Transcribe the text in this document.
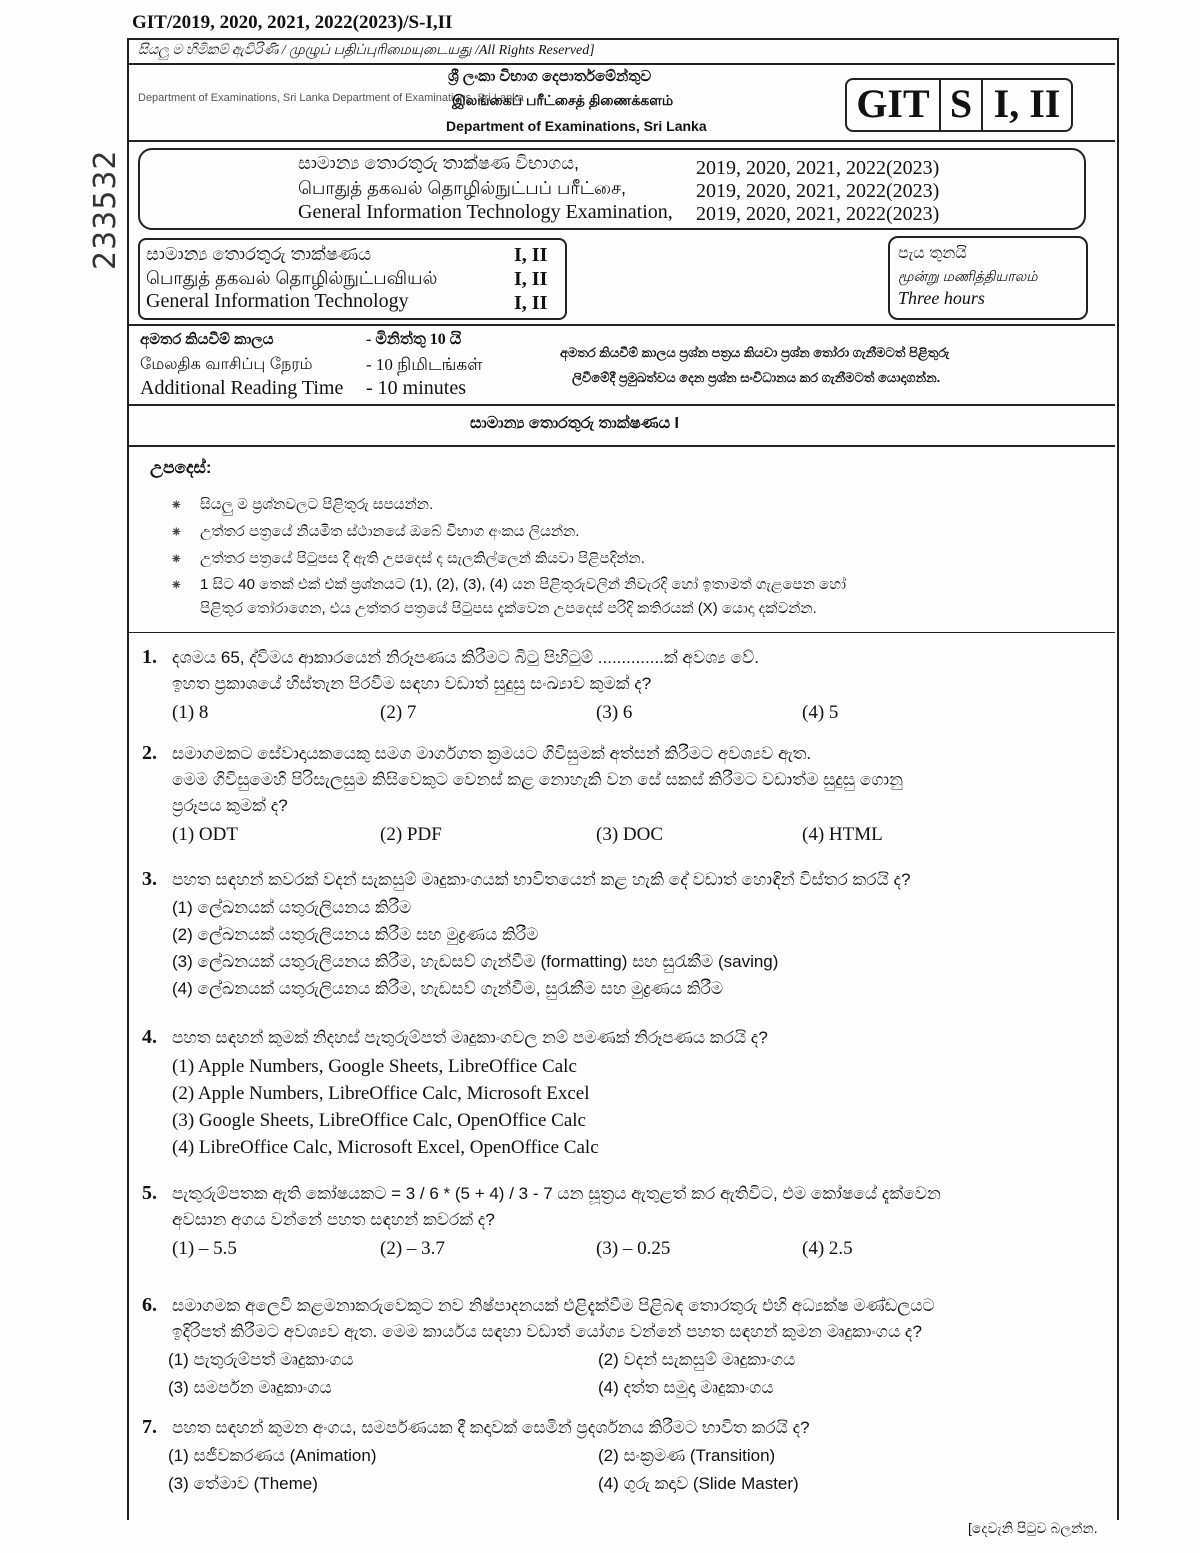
GIT/2019, 2020, 2021, 2022(2023)/S-I,II
233532
සියලු ම හිමිකම් ඇවිරිණි / முழுப் பதிப்புரிமையுடையது /All Rights Reserved]
Department of Examinations, Sri Lanka Department of Examinations, Sri Lanka
ශ්‍රී ලංකා විභාග දෙපාර්තමේන්තුව
இலங்கைப் பரீட்சைத் திணைக்களம்
Department of Examinations, Sri Lanka	GIT S I, II
සාමාන්‍ය තොරතුරු තාක්ෂණ විභාගය,
பொதுத் தகவல் தொழில்நுட்பப் பரீட்சை,
General Information Technology Examination,
2019, 2020, 2021, 2022(2023)
2019, 2020, 2021, 2022(2023)
2019, 2020, 2021, 2022(2023)
සාමාන්‍ය තොරතුරු තාක්ෂණය
பொதுத் தகவல் தொழில்நுட்பவியல்
General Information Technology
I, II
I, II
I, II
පැය තුනයි
மூன்று மணித்தியாலம்
Three hours
අමතර කියවීම් කාලය
மேலதிக வாசிப்பு நேரம்
Additional Reading Time
- මිනිත්තු 10 යි
- 10 நிமிடங்கள்
- 10 minutes
අමතර කියවීම් කාලය ප්‍රශ්න පත්‍රය කියවා ප්‍රශ්න තෝරා ගැනීමටත් පිළිතුරු
ලිවීමේදී ප්‍රමුඛත්වය දෙන ප්‍රශ්න සංවිධානය කර ගැනීමටත් යොදාගන්න.
සාමාන්‍ය තොරතුරු තාක්ෂණය I
උපදෙස්:
[දෙවැනි පිටුව බලන්න.
⁕ සියලු ම ප්‍රශ්නවලට පිළිතුරු සපයන්න.
⁕ උත්තර පත්‍රයේ නියමිත ස්ථානයේ ඔබේ විභාග අංකය ලියන්න.
⁕ උත්තර පත්‍රයේ පිටුපස දී ඇති උපදෙස් ද සැලකිල්ලෙන් කියවා පිළිපදින්න.
⁕ 1 සිට 40 තෙක් එක් එක් ප්‍රශ්නයට (1), (2), (3), (4) යන පිළිතුරුවලින් නිවැරදි හෝ ඉතාමත් ගැළපෙන හෝ
පිළිතුර තෝරාගෙන, එය උත්තර පත්‍රයේ පිටුපස දැක්වෙන උපදෙස් පරිදි කතිරයක් (X) යොදා දක්වන්න.
1. දශමය 65, ද්විමය ආකාරයෙන් නිරූපණය කිරීමට බිටු පිහිටුම් ..............ක් අවශ්‍ය වේ.
ඉහත ප්‍රකාශයේ හිස්තැන පිරවීම සඳහා වඩාත් සුදුසු සංඛ්‍යාව කුමක් ද?
(1) 8	(2) 7	(3) 6	(4) 5
2. සමාගමකට සේවාදායකයෙකු සමග මාර්ගගත ක්‍රමයට ගිවිසුමක් අත්සන් කිරීමට අවශ්‍යව ඇත.
මෙම ගිවිසුමෙහි පිරිසැලසුම කිසිවෙකුට වෙනස් කළ නොහැකි වන සේ සකස් කිරීමට වඩාත්ම සුදුසු ගොනු
ප්‍රරූපය කුමක් ද?
(1) ODT	(2) PDF	(3) DOC	(4) HTML
3. පහත සඳහන් කවරක් වදන් සැකසුම් මෘදුකාංගයක් භාවිතයෙන් කළ හැකි දේ වඩාත් හොඳින් විස්තර කරයි ද?
(1) ලේඛනයක් යතුරුලියනය කිරීම
(2) ලේඛනයක් යතුරුලියනය කිරීම සහ මුද්‍රණය කිරීම
(3) ලේඛනයක් යතුරුලියනය කිරීම, හැඩසව් ගැන්වීම (formatting) සහ සුරැකීම (saving)
(4) ලේඛනයක් යතුරුලියනය කිරීම, හැඩසව් ගැන්වීම, සුරැකීම සහ මුද්‍රණය කිරීම
4. පහත සඳහන් කුමක් නිදහස් පැතුරුම්පත් මෘදුකාංගවල නම් පමණක් නිරූපණය කරයි ද?
(1) Apple Numbers, Google Sheets, LibreOffice Calc
(2) Apple Numbers, LibreOffice Calc, Microsoft Excel
(3) Google Sheets, LibreOffice Calc, OpenOffice Calc
(4) LibreOffice Calc, Microsoft Excel, OpenOffice Calc
5. පැතුරුම්පතක ඇති කෝෂයකට = 3 / 6 * (5 + 4) / 3 - 7 යන සූත්‍රය ඇතුළත් කර ඇතිවිට, එම කෝෂයේ දැක්වෙන
අවසාන අගය වන්නේ පහත සඳහන් කවරක් ද?
(1) – 5.5	(2) – 3.7	(3) – 0.25	(4) 2.5
6. සමාගමක අලෙවි කළමනාකරුවෙකුට නව නිෂ්පාදනයක් එළිදැක්වීම පිළිබඳ තොරතුරු එහි අධ්‍යක්ෂ මණ්ඩලයට
ඉදිරිපත් කිරීමට අවශ්‍යව ඇත. මෙම කාර්යය සඳහා වඩාත් යෝග්‍ය වන්නේ පහත සඳහන් කුමන මෘදුකාංගය ද?
(1) පැතුරුම්පත් මෘදුකාංගය	(2) වදන් සැකසුම් මෘදුකාංගය
(3) සමර්පන මෘදුකාංගය	(4) දත්ත සමුදා මෘදුකාංගය
7. පහත සඳහන් කුමන අංගය, සමර්පණයක දී කදාවක් සෙමින් ප්‍රදර්ශනය කිරීමට භාවිත කරයි ද?
(1) සජීවකරණය (Animation)	(2) සංක්‍රමණ (Transition)
(3) තේමාව (Theme)	(4) ගුරු කදාව (Slide Master)
